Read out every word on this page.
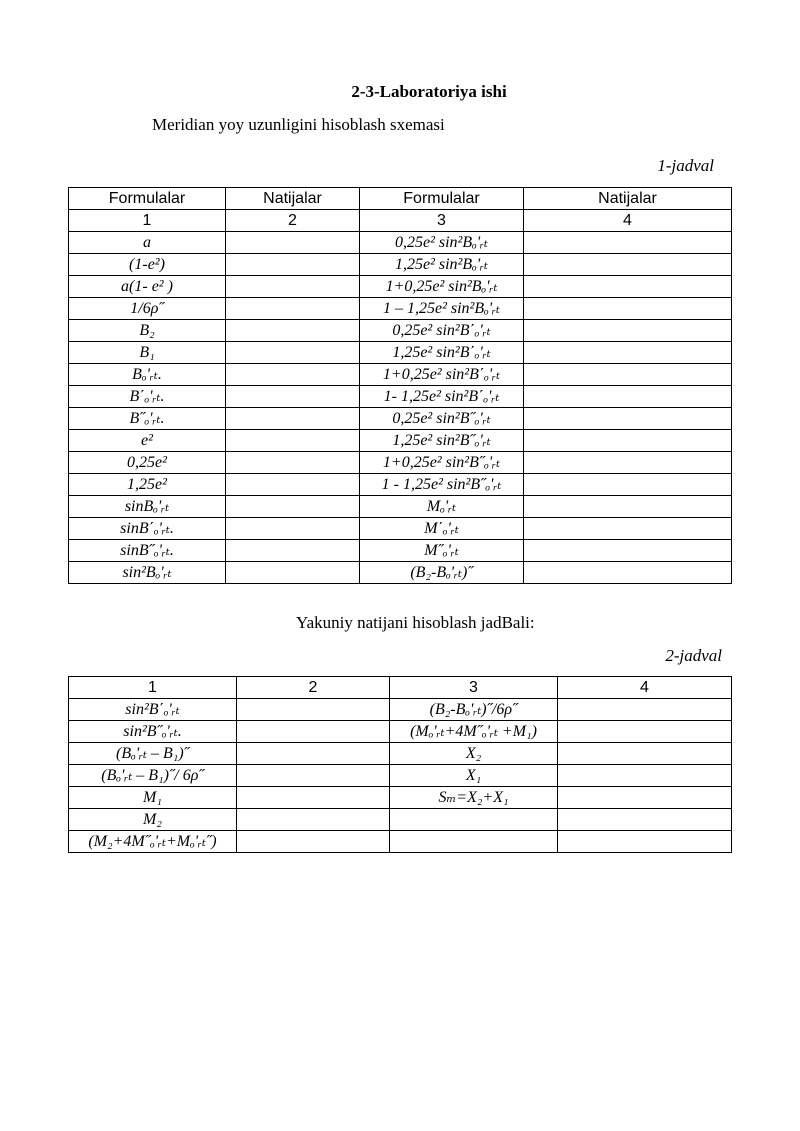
2-3-Laboratoriya ishi
Meridian yoy uzunligini hisoblash sxemasi
1-jadval
Formulalar	Natijalar	Formulalar	Natijalar
1	2	3	4
a		0,25e² sin²Bₒ'ᵣₜ	
(1-e²)		1,25e² sin²Bₒ'ᵣₜ	
a(1- e² )		1+0,25e² sin²Bₒ'ᵣₜ	
1/6ρ˝		1 – 1,25e² sin²Bₒ'ᵣₜ	
B₂		0,25e² sin²B΄ₒ'ᵣₜ	
B₁		1,25e² sin²B΄ₒ'ᵣₜ	
Bₒ'ᵣₜ.		1+0,25e² sin²B΄ₒ'ᵣₜ	
B΄ₒ'ᵣₜ.		1- 1,25e² sin²B΄ₒ'ᵣₜ	
B˝ₒ'ᵣₜ.		0,25e² sin²B˝ₒ'ᵣₜ	
e²		1,25e² sin²B˝ₒ'ᵣₜ	
0,25e²		1+0,25e² sin²B˝ₒ'ᵣₜ	
1,25e²		1 - 1,25e² sin²B˝ₒ'ᵣₜ	
sinBₒ'ᵣₜ		Mₒ'ᵣₜ	
sinB΄ₒ'ᵣₜ.		M΄ₒ'ᵣₜ	
sinB˝ₒ'ᵣₜ.		M˝ₒ'ᵣₜ	
sin²Bₒ'ᵣₜ		(B₂-Bₒ'ᵣₜ)˝	
Yakuniy natijani hisoblash jadBali:
2-jadval
1	2	3	4
sin²B΄ₒ'ᵣₜ		(B₂-Bₒ'ᵣₜ)˝/6ρ˝	
sin²B˝ₒ'ᵣₜ.		(Mₒ'ᵣₜ+4M˝ₒ'ᵣₜ +M₁)	
(Bₒ'ᵣₜ – B₁)˝		X₂	
(Bₒ'ᵣₜ – B₁)˝/ 6ρ˝		X₁	
M₁		Sₘ=X₂+X₁	
M₂			
(M₂+4M˝ₒ'ᵣₜ+Mₒ'ᵣₜ˝)			
